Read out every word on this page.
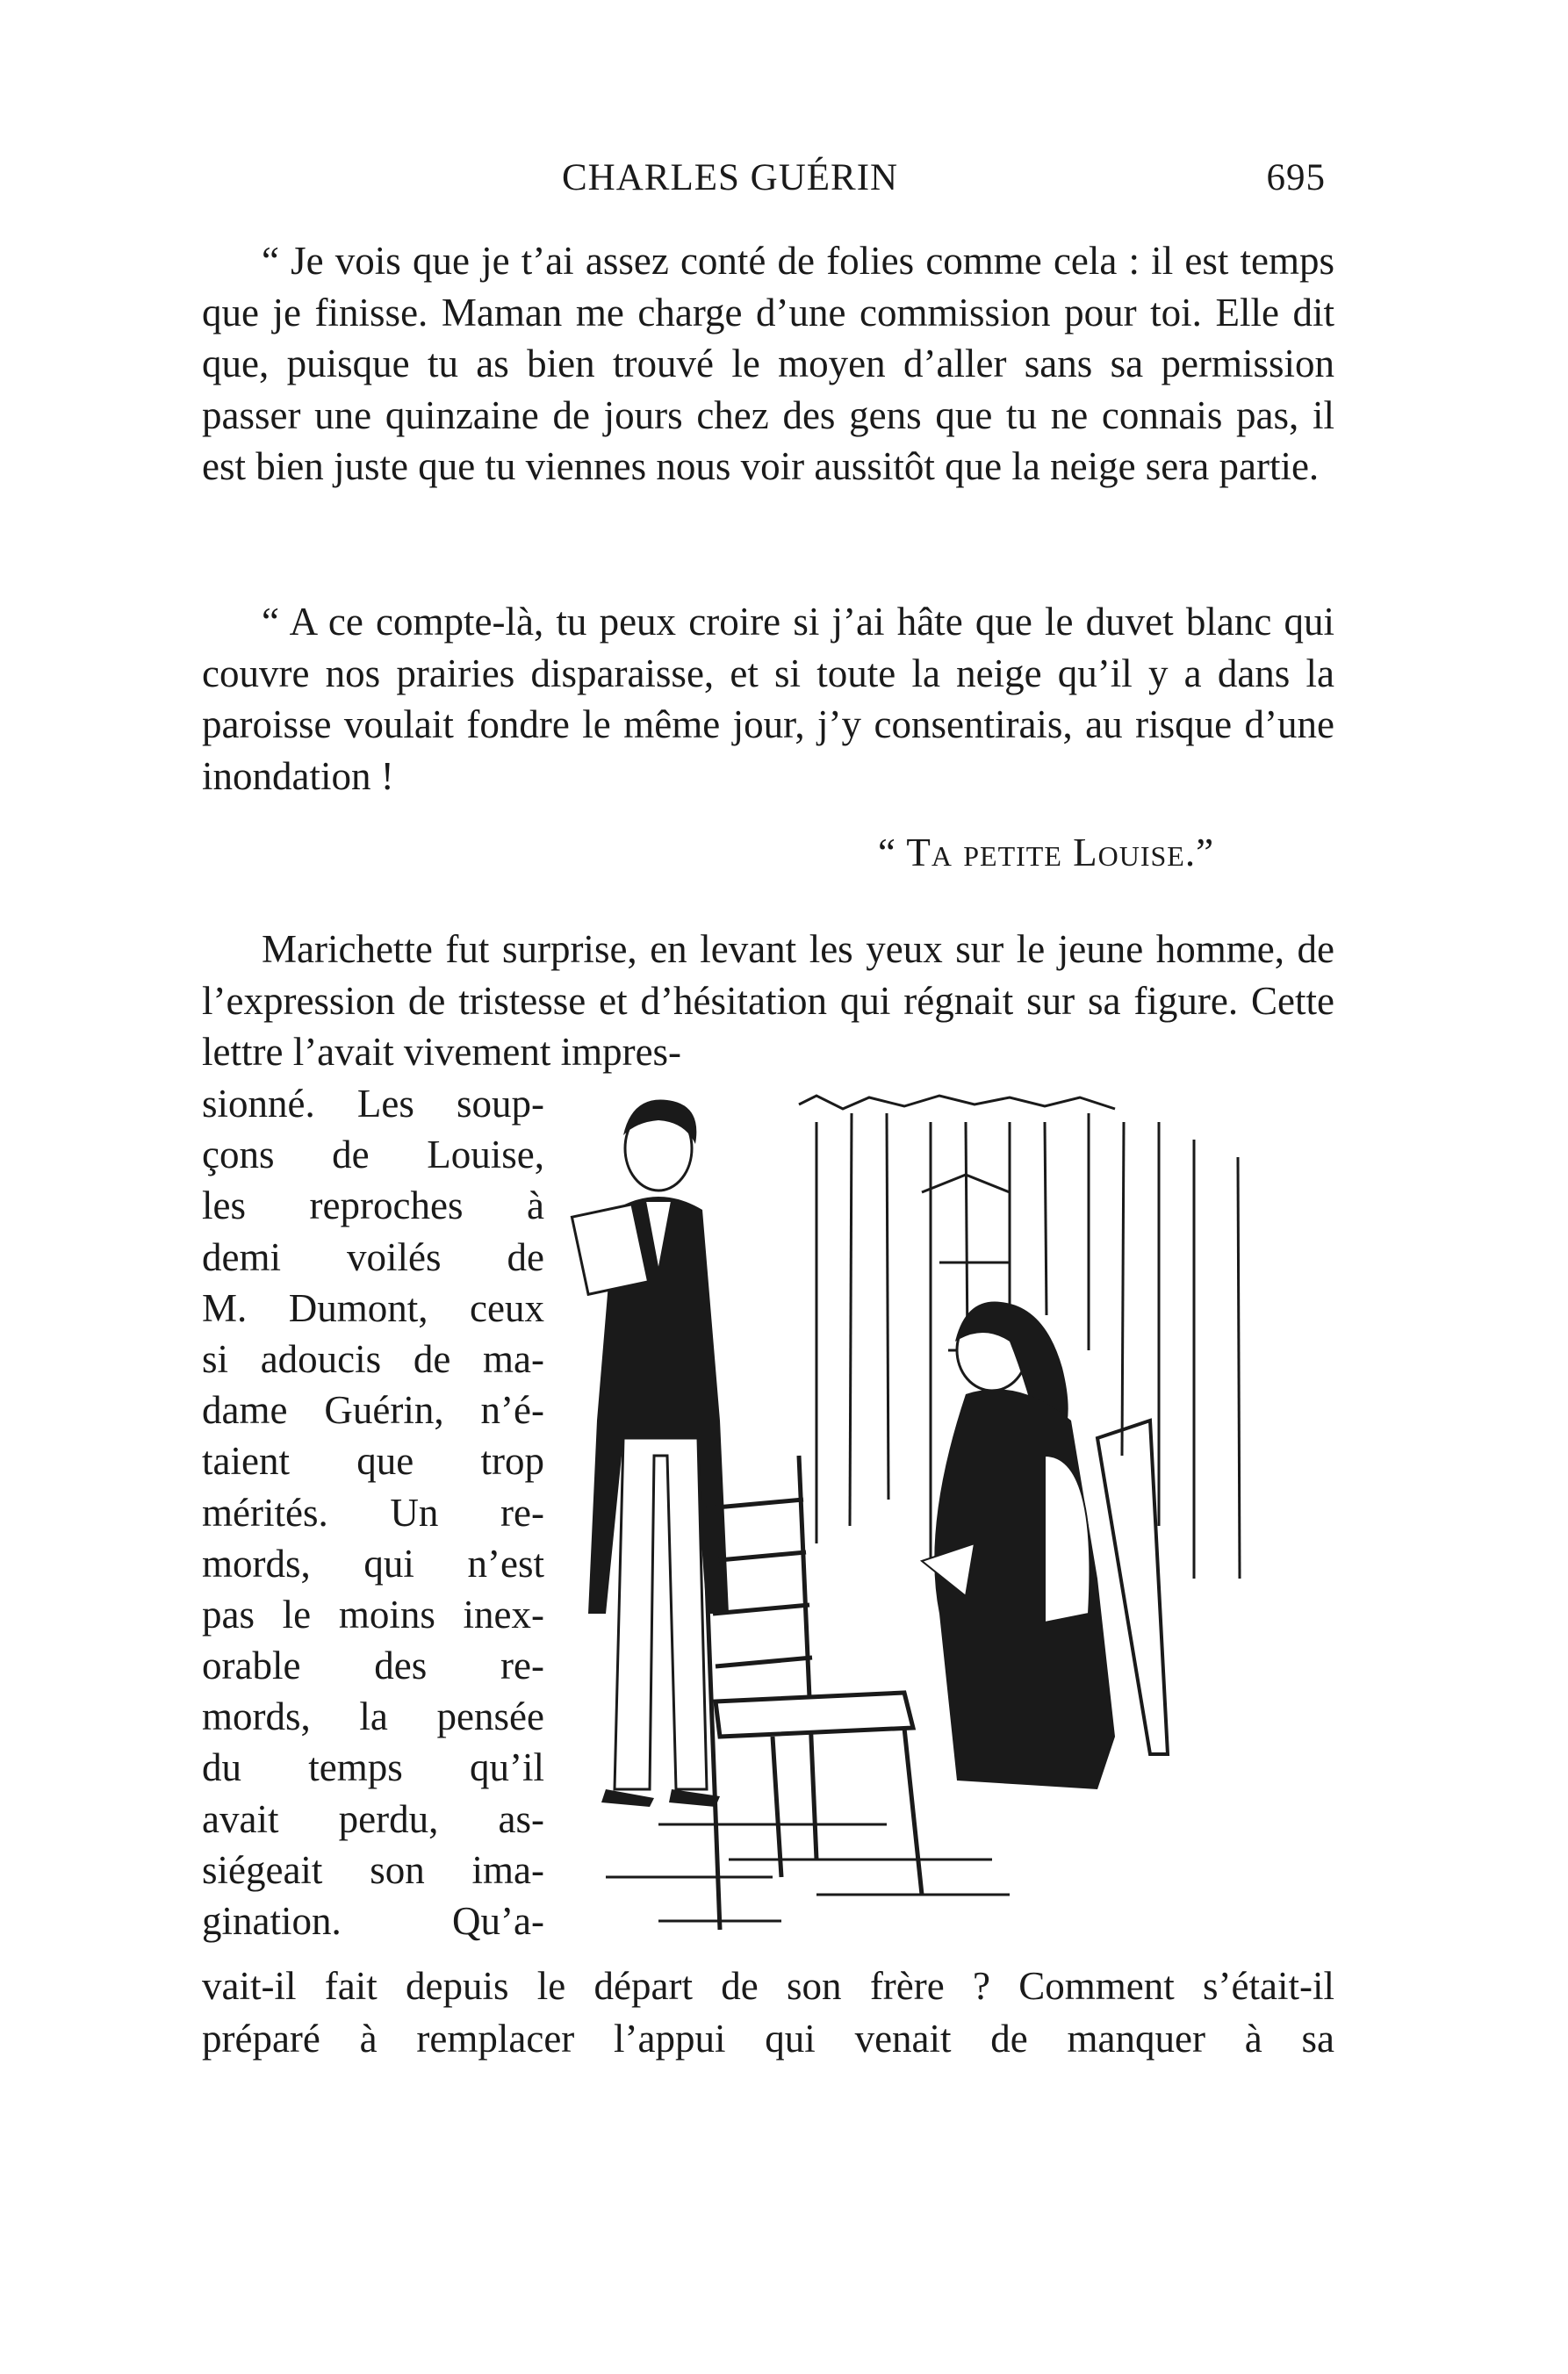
CHARLES GUÉRIN	695

“ Je vois que je t’ai assez conté de folies comme cela : il est temps que je finisse. Maman me charge d’une commission pour toi. Elle dit que, puisque tu as bien trouvé le moyen d’aller sans sa permission passer une quinzaine de jours chez des gens que tu ne connais pas, il est bien juste que tu viennes nous voir aussitôt que la neige sera partie.

“ A ce compte-là, tu peux croire si j’ai hâte que le duvet blanc qui couvre nos prairies disparaisse, et si toute la neige qu’il y a dans la paroisse voulait fondre le même jour, j’y consentirais, au risque d’une inondation !

“ Ta petite Louise.”

Marichette fut surprise, en levant les yeux sur le jeune homme, de l’expression de tristesse et d’hésitation qui régnait sur sa figure. Cette lettre l’avait vivement impres-

sionné. Les soup-
çons de Louise,
les reproches à
demi voilés de
M. Dumont, ceux
si adoucis de ma-
dame Guérin, n’é-
taient que trop
mérités. Un re-
mords, qui n’est
pas le moins inex-
orable des re-
mords, la pensée
du temps qu’il
avait perdu, as-
siégeait son ima-
gination. Qu’a-
vait-il fait depuis le départ de son frère ? Comment s’était-il
préparé à remplacer l’appui qui venait de manquer à sa
